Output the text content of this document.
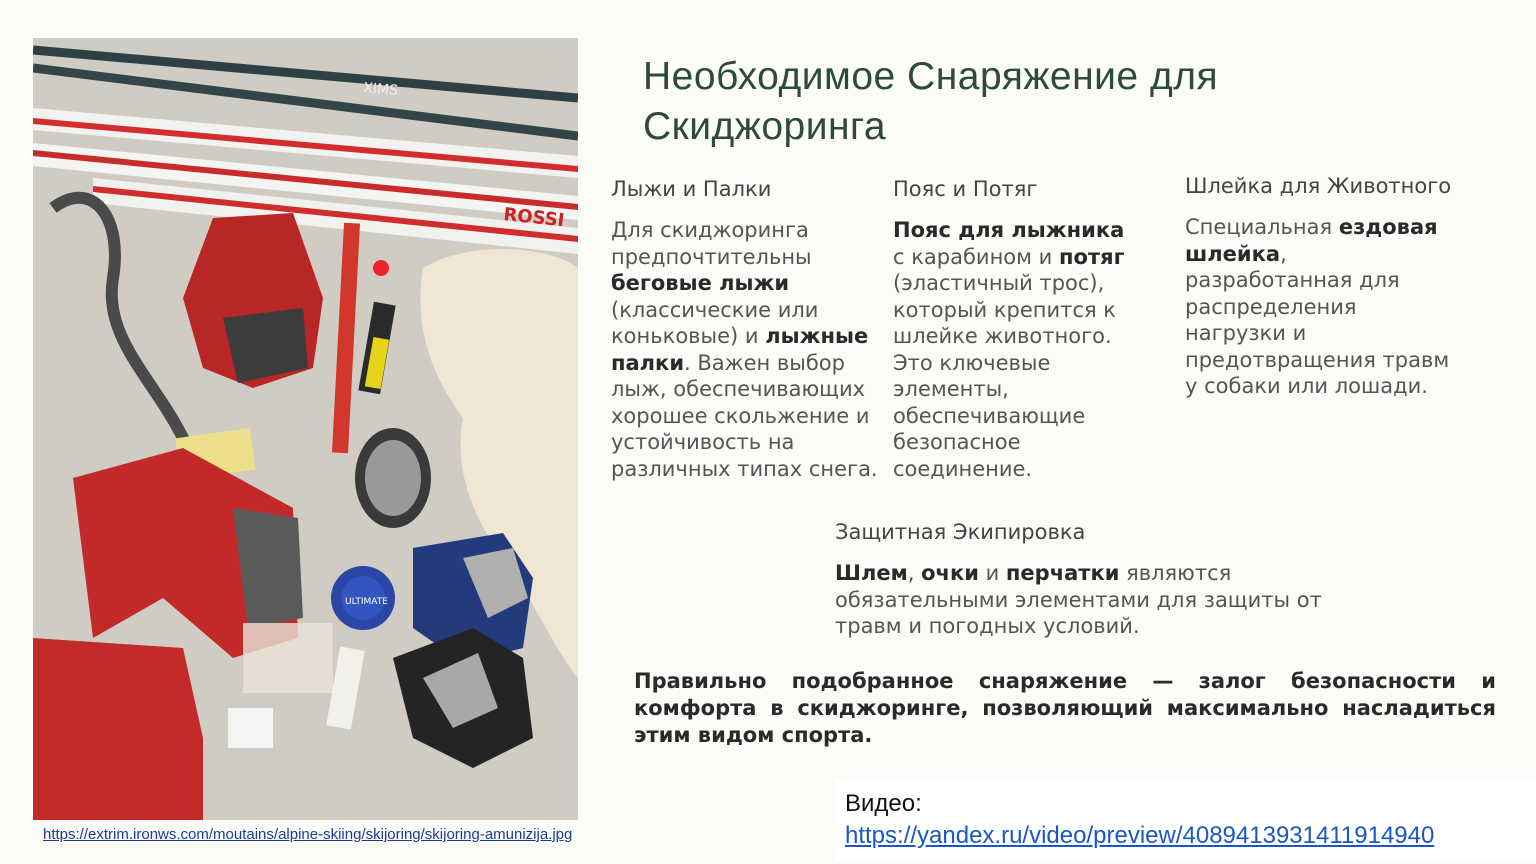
XIMS
ROSSI
ULTIMATE
https://extrim.ironws.com/moutains/alpine-skiing/skijoring/skijoring-amunizija.jpg
Необходимое Снаряжение для Скиджоринга
Лыжи и Палки

Для скиджоринга предпочтительны беговые лыжи (классические или коньковые) и лыжные палки. Важен выбор лыж, обеспечивающих хорошее скольжение и устойчивость на различных типах снега.

Пояс и Потяг

Пояс для лыжника с карабином и потяг (эластичный трос), который крепится к шлейке животного. Это ключевые элементы, обеспечивающие безопасное соединение.

Шлейка для Животного

Специальная ездовая шлейка, разработанная для распределения нагрузки и предотвращения травм у собаки или лошади.

Защитная Экипировка

Шлем, очки и перчатки являются обязательными элементами для защиты от травм и погодных условий.

Правильно подобранное снаряжение — залог безопасности и комфорта в скиджоринге, позволяющий максимально насладиться этим видом спорта.

Видео:
https://yandex.ru/video/preview/4089413931411914940
